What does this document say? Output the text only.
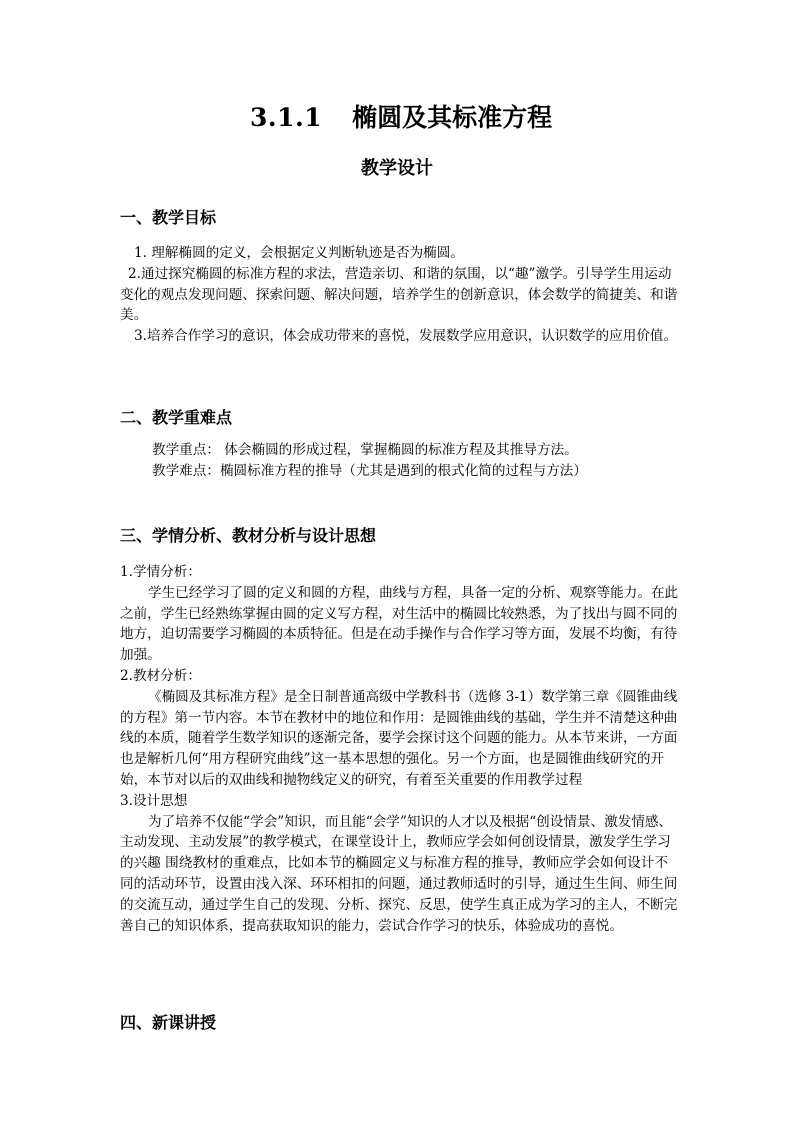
3.1.1 椭圆及其标准方程
教学设计
一、教学目标

1. 理解椭圆的定义，会根据定义判断轨迹是否为椭圆。

2.通过探究椭圆的标准方程的求法，营造亲切、和谐的氛围，以“趣”激学。引导学生用运动变化的观点发现问题、探索问题、解决问题，培养学生的创新意识，体会数学的简捷美、和谐美。

3.培养合作学习的意识，体会成功带来的喜悦，发展数学应用意识，认识数学的应用价值。

二、教学重难点

教学重点： 体会椭圆的形成过程，掌握椭圆的标准方程及其推导方法。

教学难点：椭圆标准方程的推导（尤其是遇到的根式化简的过程与方法）

三、学情分析、教材分析与设计思想

1.学情分析：

学生已经学习了圆的定义和圆的方程，曲线与方程，具备一定的分析、观察等能力。在此之前，学生已经熟练掌握由圆的定义写方程，对生活中的椭圆比较熟悉，为了找出与圆不同的地方，迫切需要学习椭圆的本质特征。但是在动手操作与合作学习等方面，发展不均衡，有待加强。

2.教材分析：

《椭圆及其标准方程》是全日制普通高级中学教科书（选修 3-1）数学第三章《圆锥曲线的方程》第一节内容。本节在教材中的地位和作用：是圆锥曲线的基础，学生并不清楚这种曲线的本质，随着学生数学知识的逐渐完备，要学会探讨这个问题的能力。从本节来讲，一方面也是解析几何“用方程研究曲线”这一基本思想的强化。另一个方面，也是圆锥曲线研究的开始，本节对以后的双曲线和抛物线定义的研究，有着至关重要的作用教学过程

3.设计思想

为了培养不仅能“学会”知识，而且能“会学”知识的人才以及根据“创设情景、激发情感、主动发现、主动发展”的教学模式，在课堂设计上，教师应学会如何创设情景，激发学生学习的兴趣 围绕教材的重难点，比如本节的椭圆定义与标准方程的推导，教师应学会如何设计不同的活动环节，设置由浅入深、环环相扣的问题，通过教师适时的引导，通过生生间、师生间的交流互动，通过学生自己的发现、分析、探究、反思，使学生真正成为学习的主人，不断完善自己的知识体系，提高获取知识的能力，尝试合作学习的快乐，体验成功的喜悦。

四、新课讲授
